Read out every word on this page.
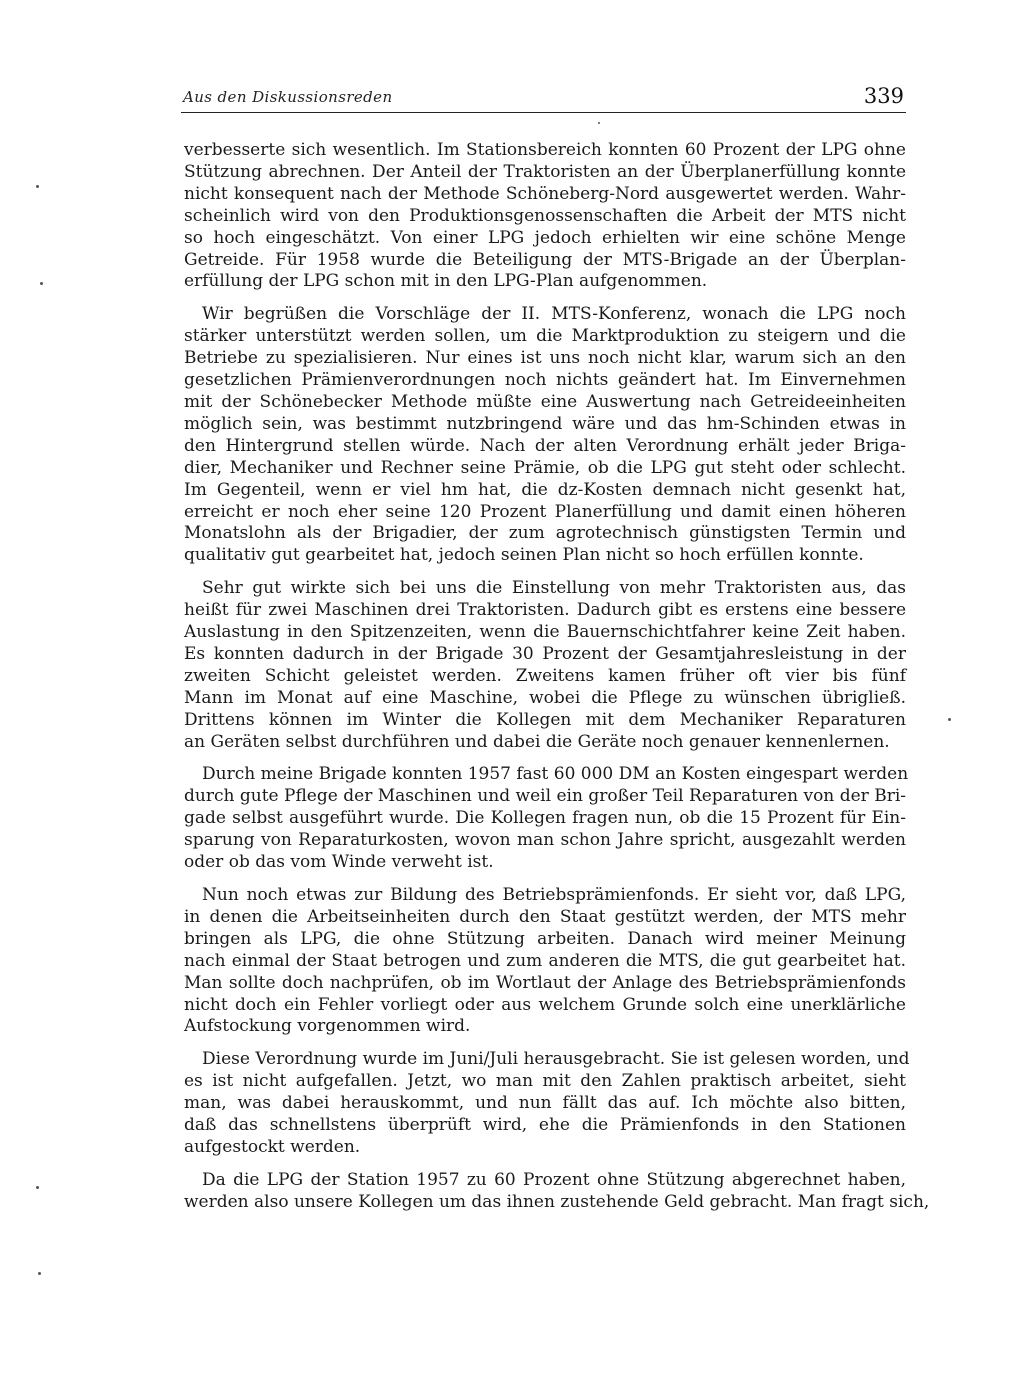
Aus den Diskussionsreden	339

verbesserte sich wesentlich. Im Stationsbereich konnten 60 Prozent der LPG ohne
Stützung abrechnen. Der Anteil der Traktoristen an der Überplanerfüllung konnte
nicht konsequent nach der Methode Schöneberg-Nord ausgewertet werden. Wahr-
scheinlich wird von den Produktionsgenossenschaften die Arbeit der MTS nicht
so hoch eingeschätzt. Von einer LPG jedoch erhielten wir eine schöne Menge
Getreide. Für 1958 wurde die Beteiligung der MTS-Brigade an der Überplan-
erfüllung der LPG schon mit in den LPG-Plan aufgenommen.

Wir begrüßen die Vorschläge der II. MTS-Konferenz, wonach die LPG noch
stärker unterstützt werden sollen, um die Marktproduktion zu steigern und die
Betriebe zu spezialisieren. Nur eines ist uns noch nicht klar, warum sich an den
gesetzlichen Prämienverordnungen noch nichts geändert hat. Im Einvernehmen
mit der Schönebecker Methode müßte eine Auswertung nach Getreideeinheiten
möglich sein, was bestimmt nutzbringend wäre und das hm-Schinden etwas in
den Hintergrund stellen würde. Nach der alten Verordnung erhält jeder Briga-
dier, Mechaniker und Rechner seine Prämie, ob die LPG gut steht oder schlecht.
Im Gegenteil, wenn er viel hm hat, die dz-Kosten demnach nicht gesenkt hat,
erreicht er noch eher seine 120 Prozent Planerfüllung und damit einen höheren
Monatslohn als der Brigadier, der zum agrotechnisch günstigsten Termin und
qualitativ gut gearbeitet hat, jedoch seinen Plan nicht so hoch erfüllen konnte.

Sehr gut wirkte sich bei uns die Einstellung von mehr Traktoristen aus, das
heißt für zwei Maschinen drei Traktoristen. Dadurch gibt es erstens eine bessere
Auslastung in den Spitzenzeiten, wenn die Bauernschichtfahrer keine Zeit haben.
Es konnten dadurch in der Brigade 30 Prozent der Gesamtjahresleistung in der
zweiten Schicht geleistet werden. Zweitens kamen früher oft vier bis fünf
Mann im Monat auf eine Maschine, wobei die Pflege zu wünschen übrigließ.
Drittens können im Winter die Kollegen mit dem Mechaniker Reparaturen
an Geräten selbst durchführen und dabei die Geräte noch genauer kennenlernen.

Durch meine Brigade konnten 1957 fast 60 000 DM an Kosten eingespart werden
durch gute Pflege der Maschinen und weil ein großer Teil Reparaturen von der Bri-
gade selbst ausgeführt wurde. Die Kollegen fragen nun, ob die 15 Prozent für Ein-
sparung von Reparaturkosten, wovon man schon Jahre spricht, ausgezahlt werden
oder ob das vom Winde verweht ist.

Nun noch etwas zur Bildung des Betriebsprämienfonds. Er sieht vor, daß LPG,
in denen die Arbeitseinheiten durch den Staat gestützt werden, der MTS mehr
bringen als LPG, die ohne Stützung arbeiten. Danach wird meiner Meinung
nach einmal der Staat betrogen und zum anderen die MTS, die gut gearbeitet hat.
Man sollte doch nachprüfen, ob im Wortlaut der Anlage des Betriebsprämienfonds
nicht doch ein Fehler vorliegt oder aus welchem Grunde solch eine unerklärliche
Aufstockung vorgenommen wird.

Diese Verordnung wurde im Juni/Juli herausgebracht. Sie ist gelesen worden, und
es ist nicht aufgefallen. Jetzt, wo man mit den Zahlen praktisch arbeitet, sieht
man, was dabei herauskommt, und nun fällt das auf. Ich möchte also bitten,
daß das schnellstens überprüft wird, ehe die Prämienfonds in den Stationen
aufgestockt werden.

Da die LPG der Station 1957 zu 60 Prozent ohne Stützung abgerechnet haben,
werden also unsere Kollegen um das ihnen zustehende Geld gebracht. Man fragt sich,
